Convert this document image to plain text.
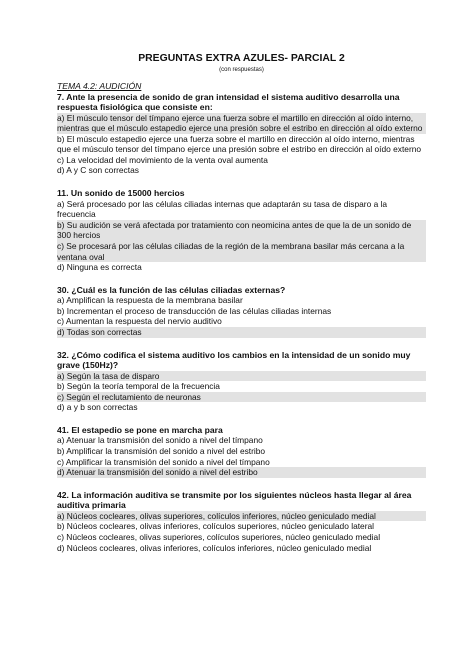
PREGUNTAS EXTRA AZULES- PARCIAL 2
(con respuestas)
TEMA 4.2: AUDICIÓN

7. Ante la presencia de sonido de gran intensidad el sistema auditivo desarrolla una respuesta fisiológica que consiste en:

a) El músculo tensor del tímpano ejerce una fuerza sobre el martillo en dirección al oído interno, mientras que el músculo estapedio ejerce una presión sobre el estribo en dirección al oído externo

b) El músculo estapedio ejerce una fuerza sobre el martillo en dirección al oído interno, mientras que el músculo tensor del tímpano ejerce una presión sobre el estribo en dirección al oído externo

c) La velocidad del movimiento de la venta oval aumenta

d) A y C son correctas

11. Un sonido de 15000 hercios

a) Será procesado por las células ciliadas internas que adaptarán su tasa de disparo a la frecuencia

b) Su audición se verá afectada por tratamiento con neomicina antes de que la de un sonido de 300 hercios

c) Se procesará por las células ciliadas de la región de la membrana basilar más cercana a la ventana oval

d) Ninguna es correcta

30. ¿Cuál es la función de las células ciliadas externas?

a) Amplifican la respuesta de la membrana basilar

b) Incrementan el proceso de transducción de las células ciliadas internas

c) Aumentan la respuesta del nervio auditivo

d) Todas son correctas

32. ¿Cómo codifica el sistema auditivo los cambios en la intensidad de un sonido muy grave (150Hz)?

a) Según la tasa de disparo

b) Según la teoría temporal de la frecuencia

c) Según el reclutamiento de neuronas

d) a y b son correctas

41. El estapedio se pone en marcha para

a) Atenuar la transmisión del sonido a nivel del tímpano

b) Amplificar la transmisión del sonido a nivel del estribo

c) Amplificar la transmisión del sonido a nivel del tímpano

d) Atenuar la transmisión del sonido a nivel del estribo

42. La información auditiva se transmite por los siguientes núcleos hasta llegar al área auditiva primaria

a) Núcleos cocleares, olivas superiores, colículos inferiores, núcleo geniculado medial

b) Núcleos cocleares, olivas inferiores, colículos superiores, núcleo geniculado lateral

c) Núcleos cocleares, olivas superiores, colículos superiores, núcleo geniculado medial

d) Núcleos cocleares, olivas inferiores, colículos inferiores, núcleo geniculado medial
